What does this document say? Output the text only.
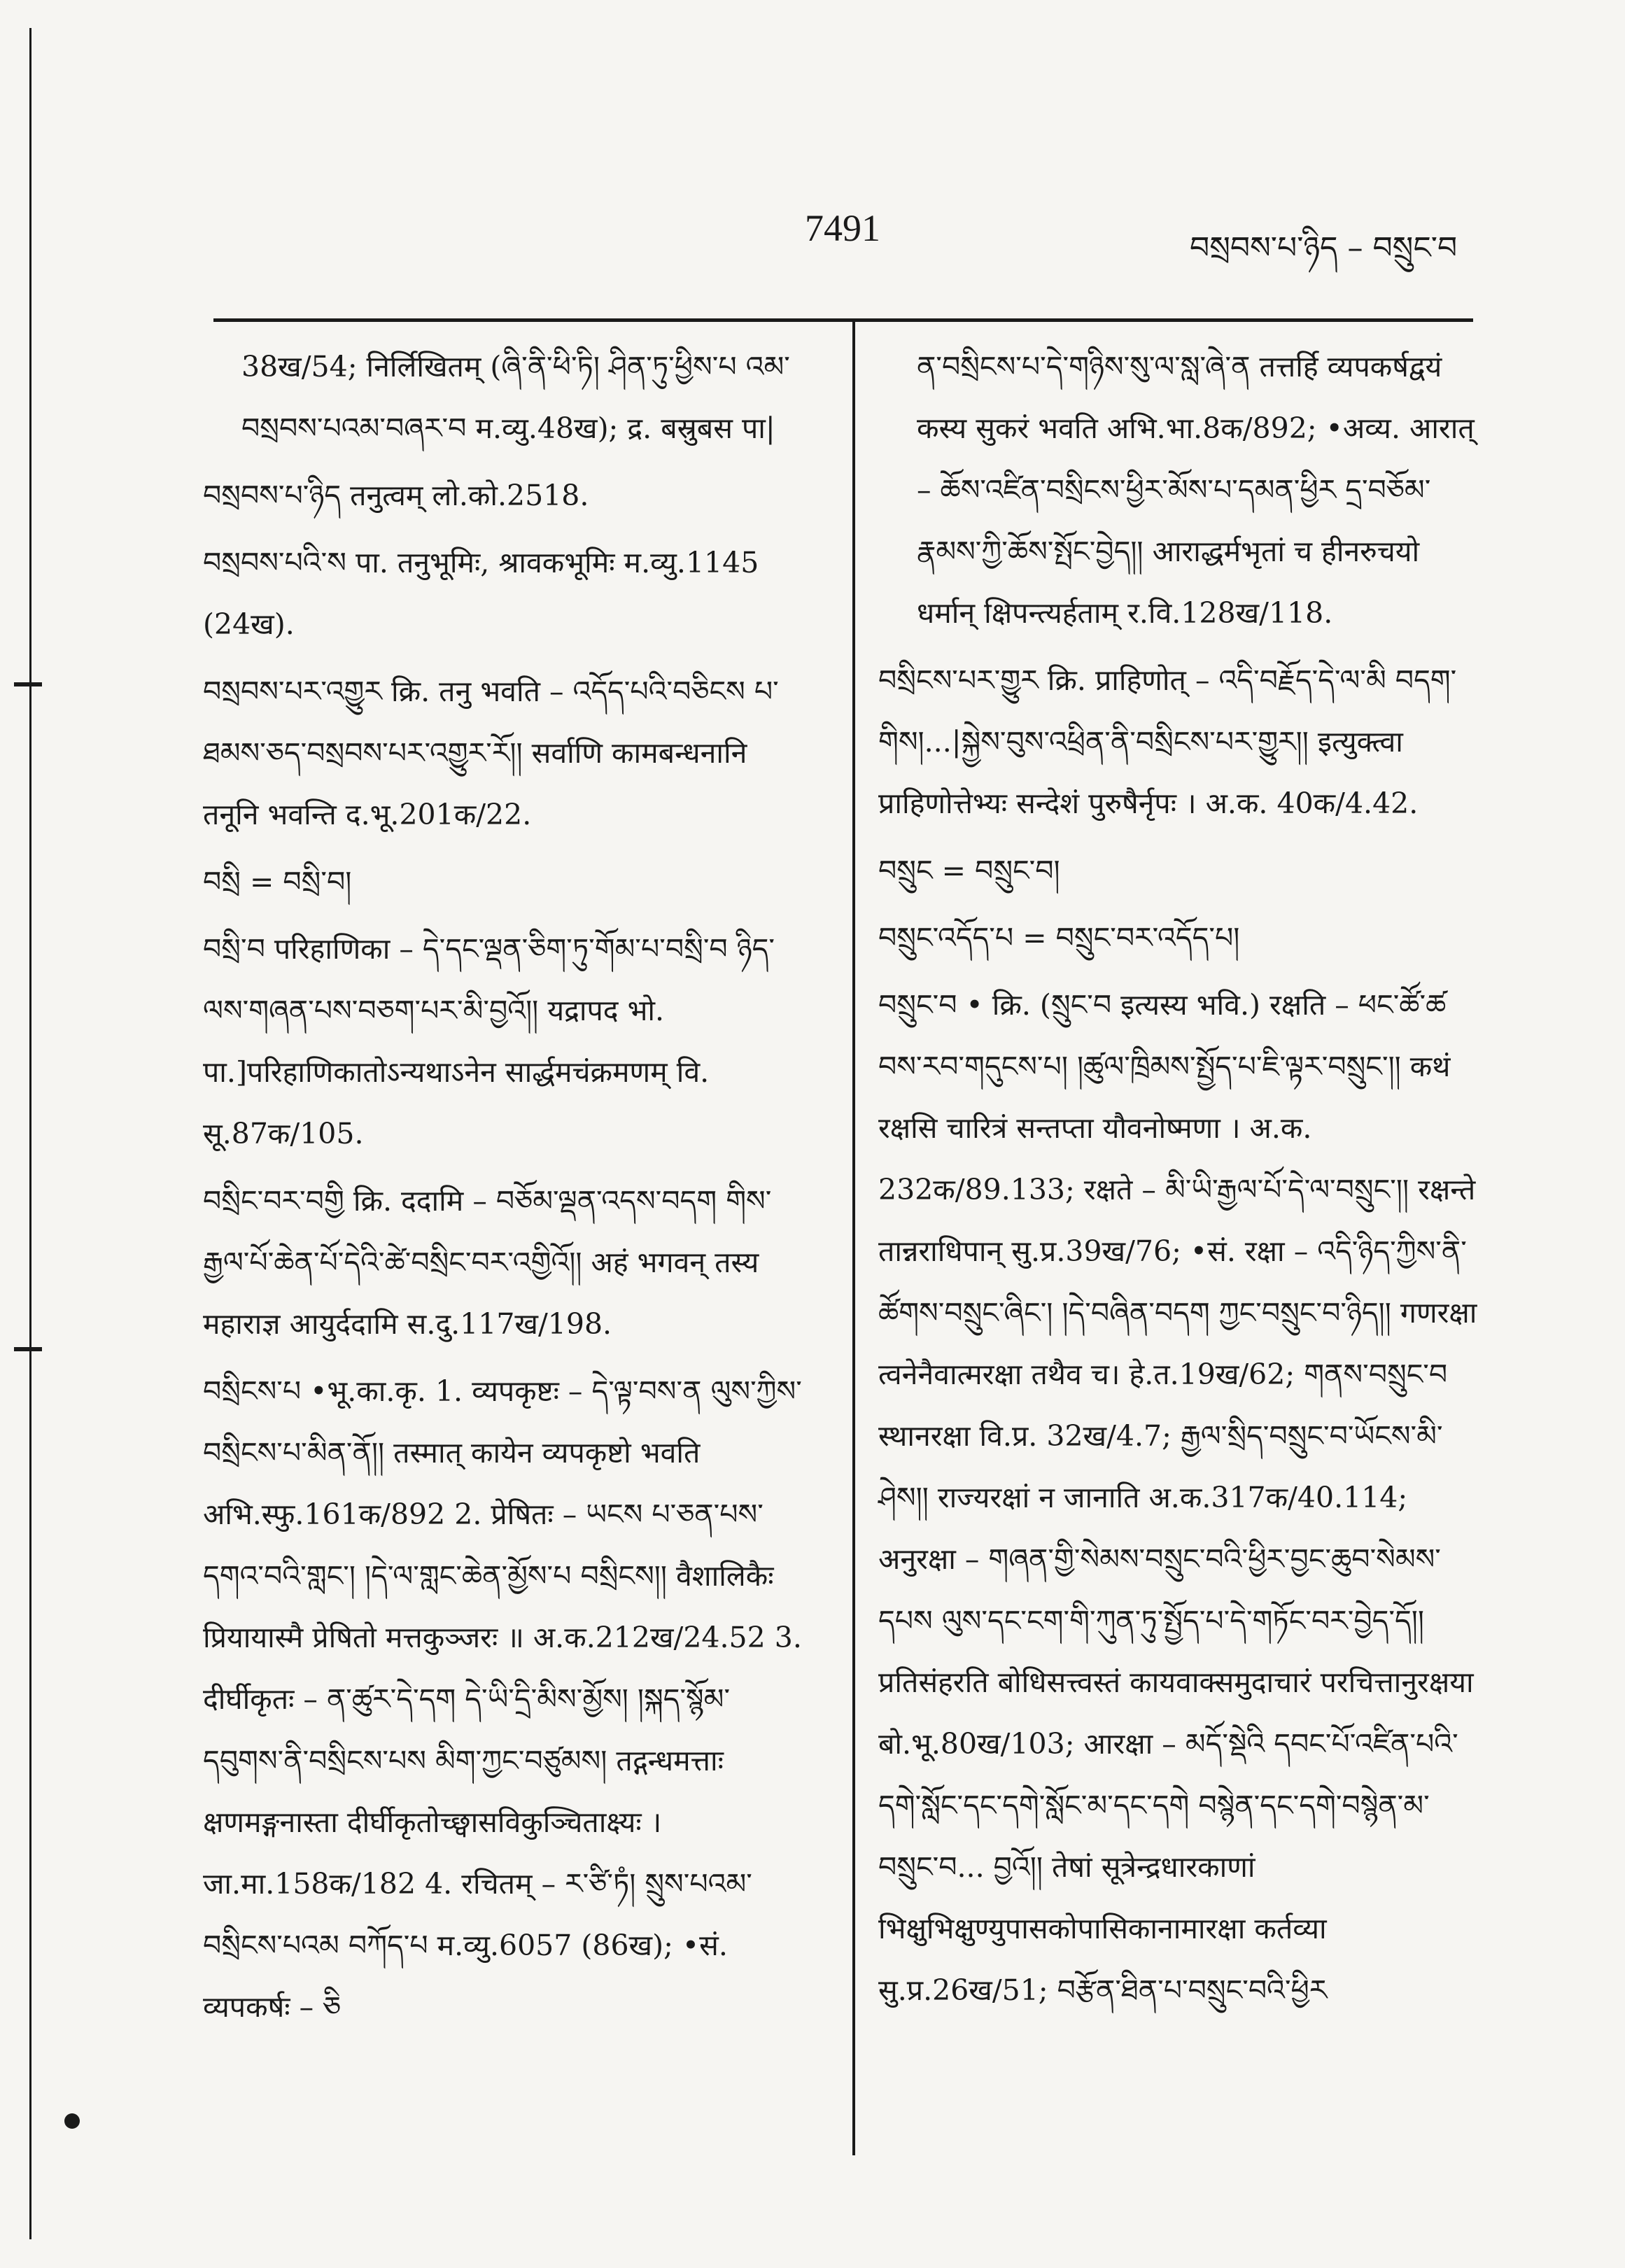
7491	བསྲབས་པ་ཉིད – བསྲུང་བ

38ख/54; निर्लिखितम् (ཞི་ནི་ཕི་ཏི། ཤིན་ཏུ་ཕྱིས་པ འམ་བསྲབས་པའམ་བཞར་བ म.व्यु.48ख); द्र. बस्रुबस पा|

བསྲབས་པ་ཉིད तनुत्वम् लो.को.2518.

བསྲབས་པའི་ས पा. तनुभूमिः, श्रावकभूमिः म.व्यु.1145 (24ख).

བསྲབས་པར་འགྱུར क्रि. तनु भवति – འདོད་པའི་བཅིངས པ་ཐམས་ཅད་བསྲབས་པར་འགྱུར་རོ།། सर्वाणि कामबन्धनानि तनूनि भवन्ति द.भू.201क/22.

བསྲི = བསྲི་བ།

བསྲི་བ परिहाणिका – དེ་དང་ལྡན་ཅིག་ཏུ་གོམ་པ་བསྲི་བ ཉིད་ལས་གཞན་པས་བཅག་པར་མི་བྱའོ།། यद्रापद भो. पा.]परिहाणिकातोऽन्यथाऽनेन सार्द्धमचंक्रमणम् वि. सू.87क/105.

བསྲིང་བར་བགྱི क्रि. ददामि – བཅོམ་ལྡན་འདས་བདག གིས་རྒྱལ་པོ་ཆེན་པོ་དེའི་ཚེ་བསྲིང་བར་འགྱིའོ།། अहं भगवन् तस्य महाराज्ञ आयुर्ददामि स.दु.117ख/198.

བསྲིངས་པ •भू.का.कृ. 1. व्यपकृष्टः – དེ་ལྟ་བས་ན ལུས་ཀྱིས་བསྲིངས་པ་མིན་ནོ།། तस्मात् कायेन व्यपकृष्टो भवति अभि.स्फु.161क/892 2. प्रेषितः – ཡངས པ་ཅན་པས་དགའ་བའི་གླང་། །དེ་ལ་གླང་ཆེན་མྱོས་པ བསྲིངས།། वैशालिकैः प्रियायास्मै प्रेषितो मत्तकुञ्जरः ॥ अ.क.212ख/24.52 3. दीर्घीकृतः – ན་ཚུར་དེ་དག དེ་ཡི་དྲི་མིས་མྱོས། །སྐད་སྙོམ་དབུགས་ནི་བསྲིངས་པས མིག་ཀྱང་བཙུམས། तद्गन्धमत्ताः क्षणमङ्गनास्ता दीर्घीकृतोच्छ्वासविकुञ्चिताक्ष्यः । जा.मा.158क/182 4. रचितम् – ར་ཙི་ཏཾ། སྲུས་པའམ་བསྲིངས་པའམ བཀོད་པ म.व्यु.6057 (86ख); •सं. व्यपकर्षः – ཅི

ན་བསྲིངས་པ་དེ་གཉིས་སུ་ལ་སླ་ཞེ་ན तत्तर्हि व्यपकर्षद्वयं कस्य सुकरं भवति अभि.भा.8क/892; •अव्य. आरात् – ཆོས་འཛིན་བསྲིངས་ཕྱིར་མོས་པ་དམན་ཕྱིར དྲ་བཅོམ་རྣམས་ཀྱི་ཆོས་སྤོང་བྱེད།། आराद्धर्मभृतां च हीनरुचयो धर्मान् क्षिपन्त्यर्हताम् र.वि.128ख/118.

བསྲིངས་པར་གྱུར क्रि. प्राहिणोत् – འདི་བརྗོད་དེ་ལ་མི བདག་གིས།...|སྐྱེས་བུས་འཕྲིན་ནི་བསྲིངས་པར་གྱུར།། इत्युक्त्वा प्राहिणोत्तेभ्यः सन्देशं पुरुषैर्नृपः । अ.क. 40क/4.42.

བསྲུང = བསྲུང་བ།

བསྲུང་འདོད་པ = བསྲུང་བར་འདོད་པ།

བསྲུང་བ • क्रि. (སྲུང་བ इत्यस्य भवि.) रक्षति – ཕང་ཚོ་ཚ བས་རབ་གདུངས་པ། །ཚུལ་ཁྲིམས་སྤྱོད་པ་ཇི་ལྟར་བསྲུང་།། कथं रक्षसि चारित्रं सन्तप्ता यौवनोष्मणा । अ.क. 232क/89.133; रक्षते – མི་ཡི་རྒྱལ་པོ་དེ་ལ་བསྲུང་།། रक्षन्ते तान्नराधिपान् सु.प्र.39ख/76; •सं. रक्षा – འདི་ཉིད་ཀྱིས་ནི་ཚོགས་བསྲུང་ཞིང་། །དེ་བཞིན་བདག ཀྱང་བསྲུང་བ་ཉིད།། गणरक्षा त्वनेनैवात्मरक्षा तथैव च। हे.त.19ख/62; གནས་བསྲུང་བ स्थानरक्षा वि.प्र. 32ख/4.7; རྒྱལ་སྲིད་བསྲུང་བ་ཡོངས་མི་ཤེས།། राज्यरक्षां न जानाति अ.क.317क/40.114; अनुरक्षा – གཞན་གྱི་སེམས་བསྲུང་བའི་ཕྱིར་བྱང་ཆུབ་སེམས་དཔས ལུས་དང་ངག་གི་ཀུན་ཏུ་སྤྱོད་པ་དེ་གཏོང་བར་བྱེད་དོ།། प्रतिसंहरति बोधिसत्त्वस्तं कायवाक्समुदाचारं परचित्तानुरक्षया बो.भू.80ख/103; आरक्षा – མདོ་སྡེའི དབང་པོ་འཛིན་པའི་དགེ་སློང་དང་དགེ་སློང་མ་དང་དགེ བསྙེན་དང་དགེ་བསྙེན་མ་བསྲུང་བ... བྱའོ།། तेषां सूत्रेन्द्रधारकाणां भिक्षुभिक्षुण्युपासकोपासिकानामारक्षा कर्तव्या सु.प्र.26ख/51; བརྩོན་ཐིན་པ་བསྲུང་བའི་ཕྱིར
